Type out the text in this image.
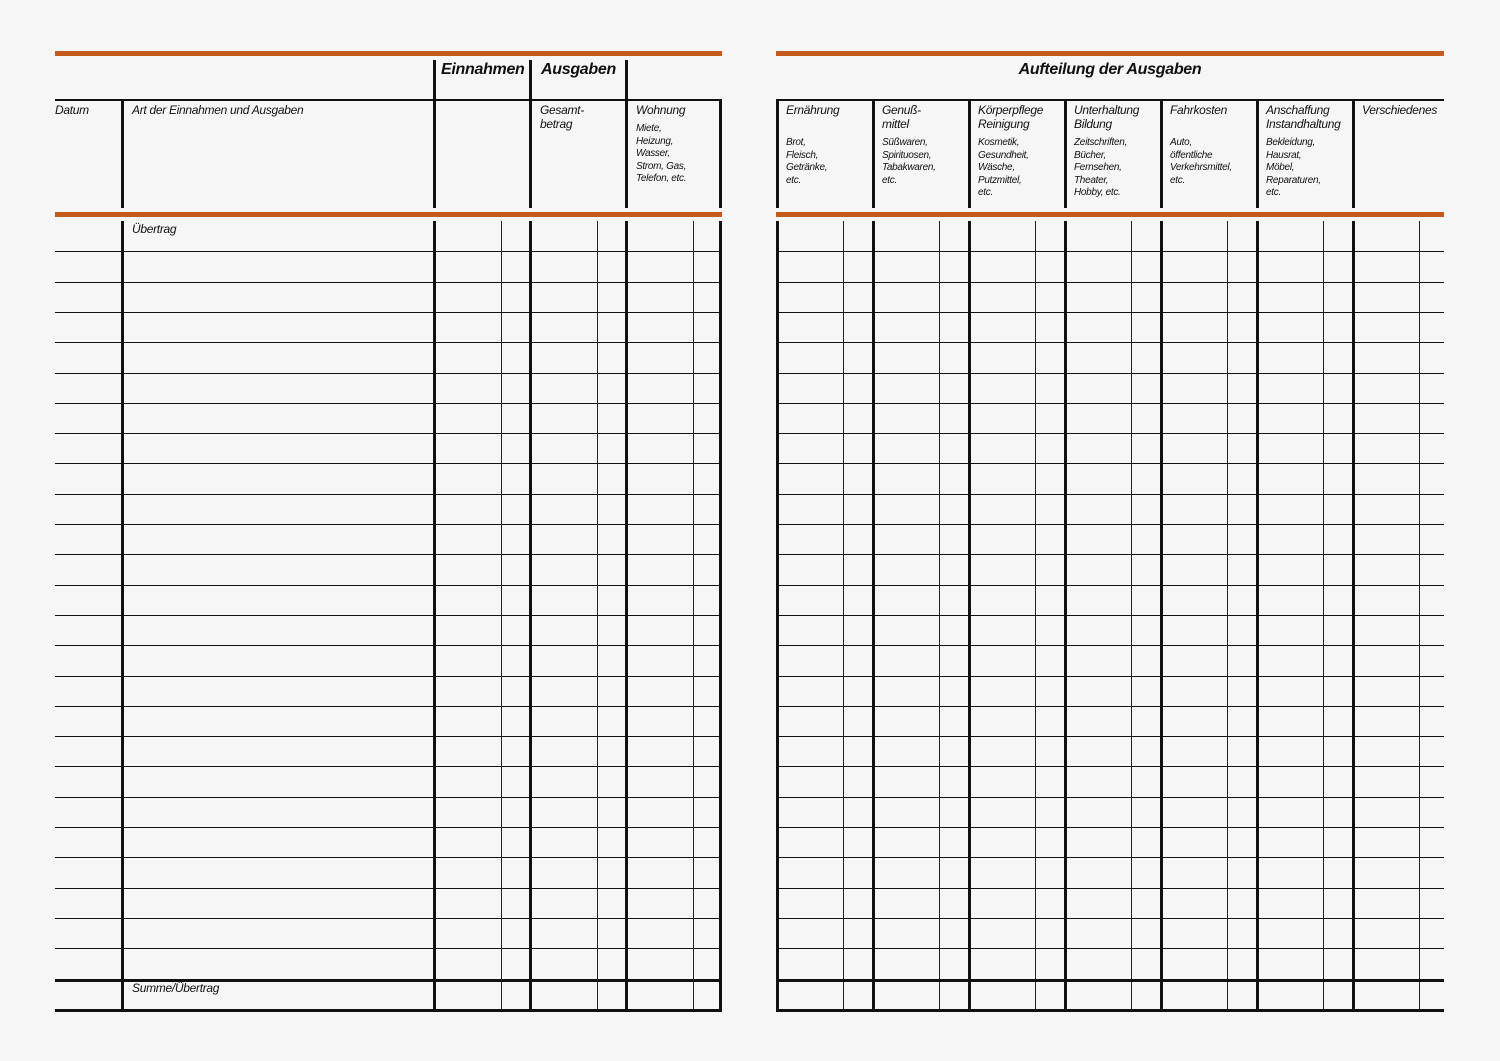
Einnahmen Ausgaben
Datum	Art der Einnahmen und Ausgaben	Gesamt-
betrag
Wohnung
Miete,
Heizung,
Wasser,
Strom, Gas,
Telefon, etc.
Übertrag
Summe/Übertrag
Aufteilung der Ausgaben
Ernährung
Brot,
Fleisch,
Getränke,
etc.
Genuß-
mittel
Süßwaren,
Spirituosen,
Tabakwaren,
etc.
Körperpflege
Reinigung
Kosmetik,
Gesundheit,
Wäsche,
Putzmittel,
etc.
Unterhaltung
Bildung
Zeitschriften,
Bücher,
Fernsehen,
Theater,
Hobby, etc.
Fahrkosten
Auto,
öffentliche
Verkehrsmittel,
etc.
Anschaffung
Instandhaltung
Bekleidung,
Hausrat,
Möbel,
Reparaturen,
etc.
Verschiedenes
